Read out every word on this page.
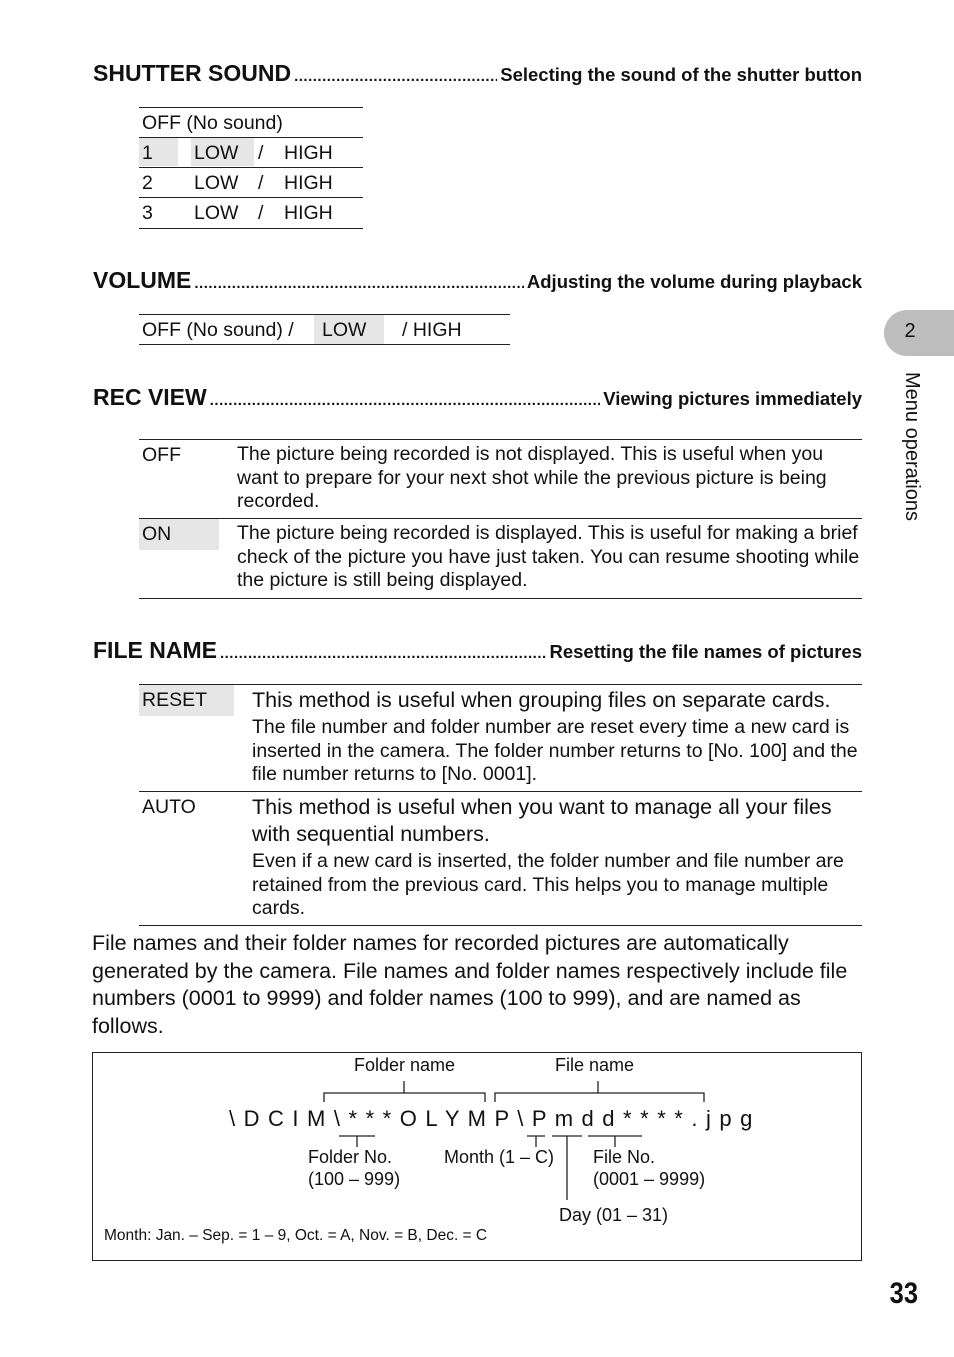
SHUTTER SOUND .....	Selecting the sound of the shutter button
OFF (No sound)
1 LOW / HIGH
2 LOW / HIGH
3 LOW / HIGH
VOLUME .....	Adjusting the volume during playback
OFF (No sound) / LOW / HIGH
REC VIEW .....	Viewing pictures immediately
OFF	The picture being recorded is not displayed. This is useful when you want to prepare for your next shot while the previous picture is being recorded.
ON	The picture being recorded is displayed. This is useful for making a brief check of the picture you have just taken. You can resume shooting while the picture is still being displayed.
FILE NAME .....	Resetting the file names of pictures
RESET This method is useful when grouping files on separate cards.
The file number and folder number are reset every time a new card is inserted in the camera. The folder number returns to [No. 100] and the file number returns to [No. 0001].
AUTO	This method is useful when you want to manage all your files with sequential numbers.
Even if a new card is inserted, the folder number and file number are retained from the previous card. This helps you to manage multiple cards.
File names and their folder names for recorded pictures are automatically generated by the camera. File names and folder names respectively include file numbers (0001 to 9999) and folder names (100 to 999), and are named as follows.
Folder name	File name
\ D C I M \ * * * O L Y M P \ P m d d * * * * . j p g
Folder No.
(100 – 999)
Month (1 – C) File No.
(0001 – 9999)
Day (01 – 31)
Month: Jan. – Sep. = 1 – 9, Oct. = A, Nov. = B, Dec. = C
2
Menu operations
33
